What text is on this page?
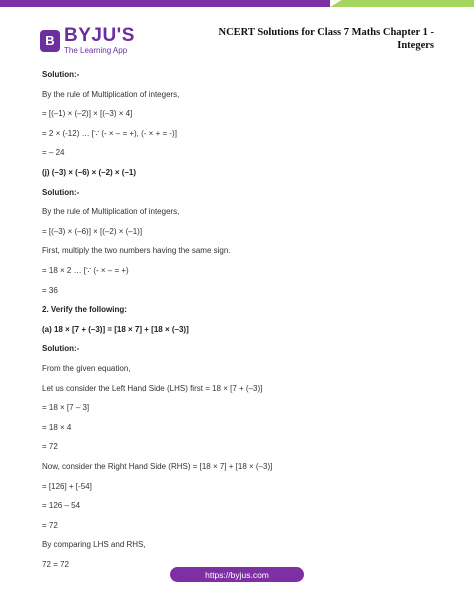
B BYJU'S
The Learning App
NCERT Solutions for Class 7 Maths Chapter 1 - Integers
Solution:-
By the rule of Multiplication of integers,
= [(–1) × (–2)] × [(–3) × 4]
= 2 × (-12) … [∵ (- × – = +), (- × + = -)]
= – 24
(j) (–3) × (–6) × (–2) × (–1)
Solution:-
By the rule of Multiplication of integers,
= [(–3) × (–6)] × [(–2) × (–1)]
First, multiply the two numbers having the same sign.
= 18 × 2 … [∵ (- × – = +)
= 36
2. Verify the following:
(a) 18 × [7 + (–3)] = [18 × 7] + [18 × (–3)]
Solution:-
From the given equation,
Let us consider the Left Hand Side (LHS) first = 18 × [7 + (–3)]
= 18 × [7 – 3]
= 18 × 4
= 72
Now, consider the Right Hand Side (RHS) = [18 × 7] + [18 × (–3)]
= [126] + [-54]
= 126 – 54
= 72
By comparing LHS and RHS,
72 = 72
https://byjus.com
